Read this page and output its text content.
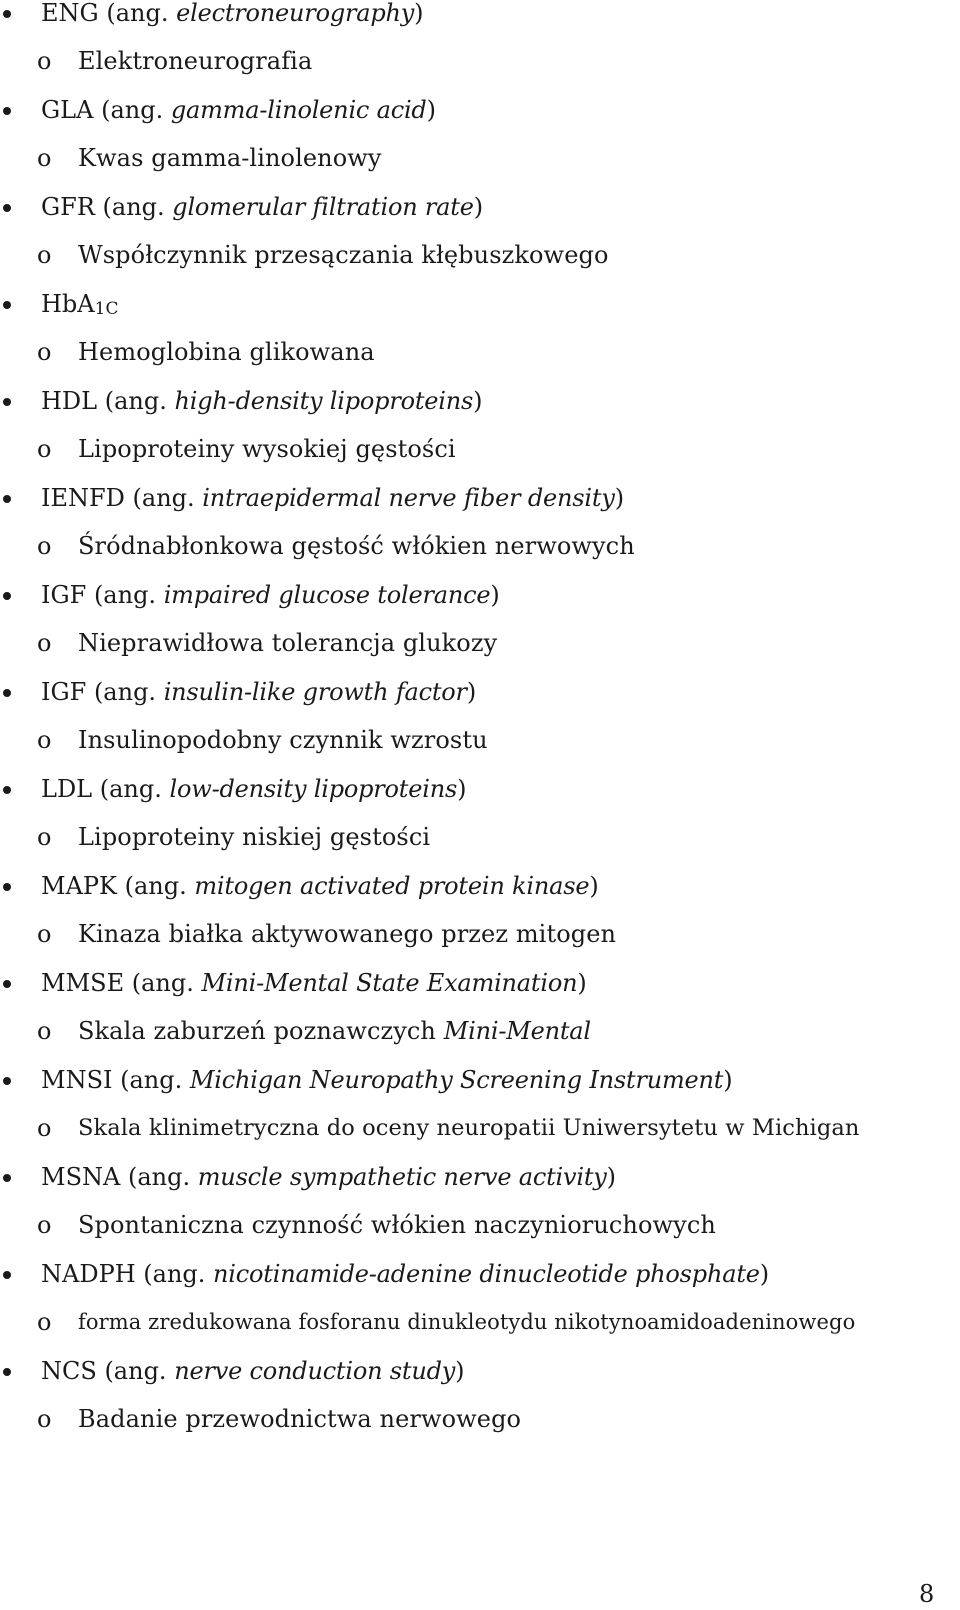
ENG (ang. electroneurography)
o Elektroneurografia
GLA (ang. gamma-linolenic acid)
o Kwas gamma-linolenowy
GFR (ang. glomerular filtration rate)
o Współczynnik przesączania kłębuszkowego
HbA1C
o Hemoglobina glikowana
HDL (ang. high-density lipoproteins)
o Lipoproteiny wysokiej gęstości
IENFD (ang. intraepidermal nerve fiber density)
o Śródnabłonkowa gęstość włókien nerwowych
IGF (ang. impaired glucose tolerance)
o Nieprawidłowa tolerancja glukozy
IGF (ang. insulin-like growth factor)
o Insulinopodobny czynnik wzrostu
LDL (ang. low-density lipoproteins)
o Lipoproteiny niskiej gęstości
MAPK (ang. mitogen activated protein kinase)
o Kinaza białka aktywowanego przez mitogen
MMSE (ang. Mini-Mental State Examination)
o Skala zaburzeń poznawczych Mini-Mental
MNSI (ang. Michigan Neuropathy Screening Instrument)
o Skala klinimetryczna do oceny neuropatii Uniwersytetu w Michigan
MSNA (ang. muscle sympathetic nerve activity)
o Spontaniczna czynność włókien naczynioruchowych
NADPH (ang. nicotinamide-adenine dinucleotide phosphate)
o forma zredukowana fosforanu dinukleotydu nikotynoamidoadeninowego
NCS (ang. nerve conduction study)
o Badanie przewodnictwa nerwowego
8
